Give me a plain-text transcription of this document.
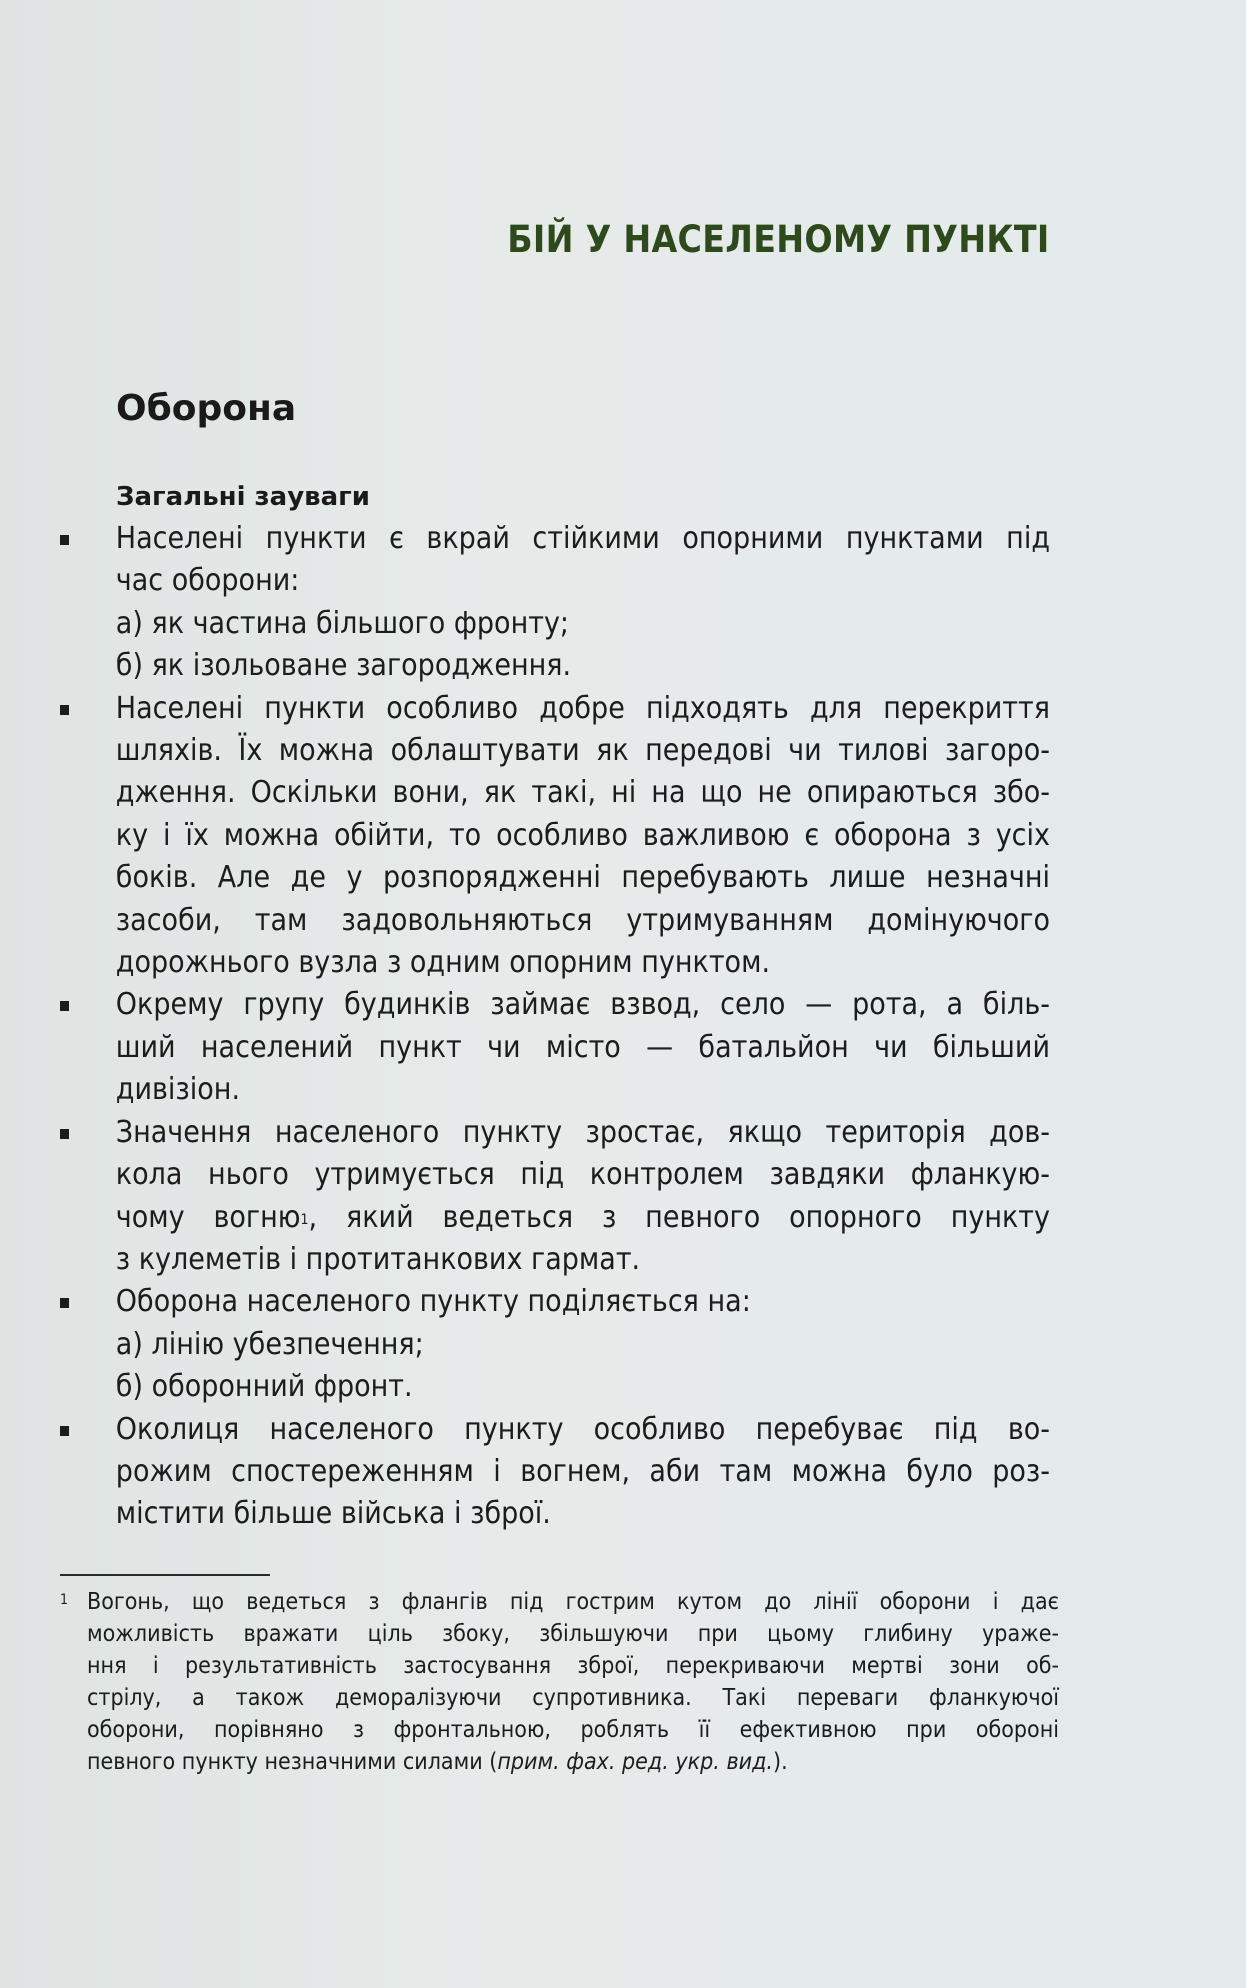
БІЙ У НАСЕЛЕНОМУ ПУНКТІ
Оборона
Загальні зауваги
Населені пункти є вкрай стійкими опорними пунктами під
час оборони:
а) як частина більшого фронту;
б) як ізольоване загородження.
Населені пункти особливо добре підходять для перекриття
шляхів. Їх можна облаштувати як передові чи тилові загоро-
дження. Оскільки вони, як такі, ні на що не опираються збо-
ку і їх можна обійти, то особливо важливою є оборона з усіх
боків. Але де у розпорядженні перебувають лише незначні
засоби, там задовольняються утримуванням домінуючого
дорожнього вузла з одним опорним пунктом.
Окрему групу будинків займає взвод, село — рота, а біль-
ший населений пункт чи місто — батальйон чи більший
дивізіон.
Значення населеного пункту зростає, якщо територія дов-
кола нього утримується під контролем завдяки фланкую-
чому вогню$^1$, який ведеться з певного опорного пункту
з кулеметів і протитанкових гармат.
Оборона населеного пункту поділяється на:
а) лінію убезпечення;
б) оборонний фронт.
Околиця населеного пункту особливо перебуває під во-
рожим спостереженням і вогнем, аби там можна було роз-
містити більше війська і зброї.
1 Вогонь, що ведеться з флангів під гострим кутом до лінії оборони і дає
можливість вражати ціль збоку, збільшуючи при цьому глибину ураже-
ння і результативність застосування зброї, перекриваючи мертві зони об-
стрілу, а також деморалізуючи супротивника. Такі переваги фланкуючої
оборони, порівняно з фронтальною, роблять її ефективною при обороні
певного пункту незначними силами (прим. фах. ред. укр. вид.).
